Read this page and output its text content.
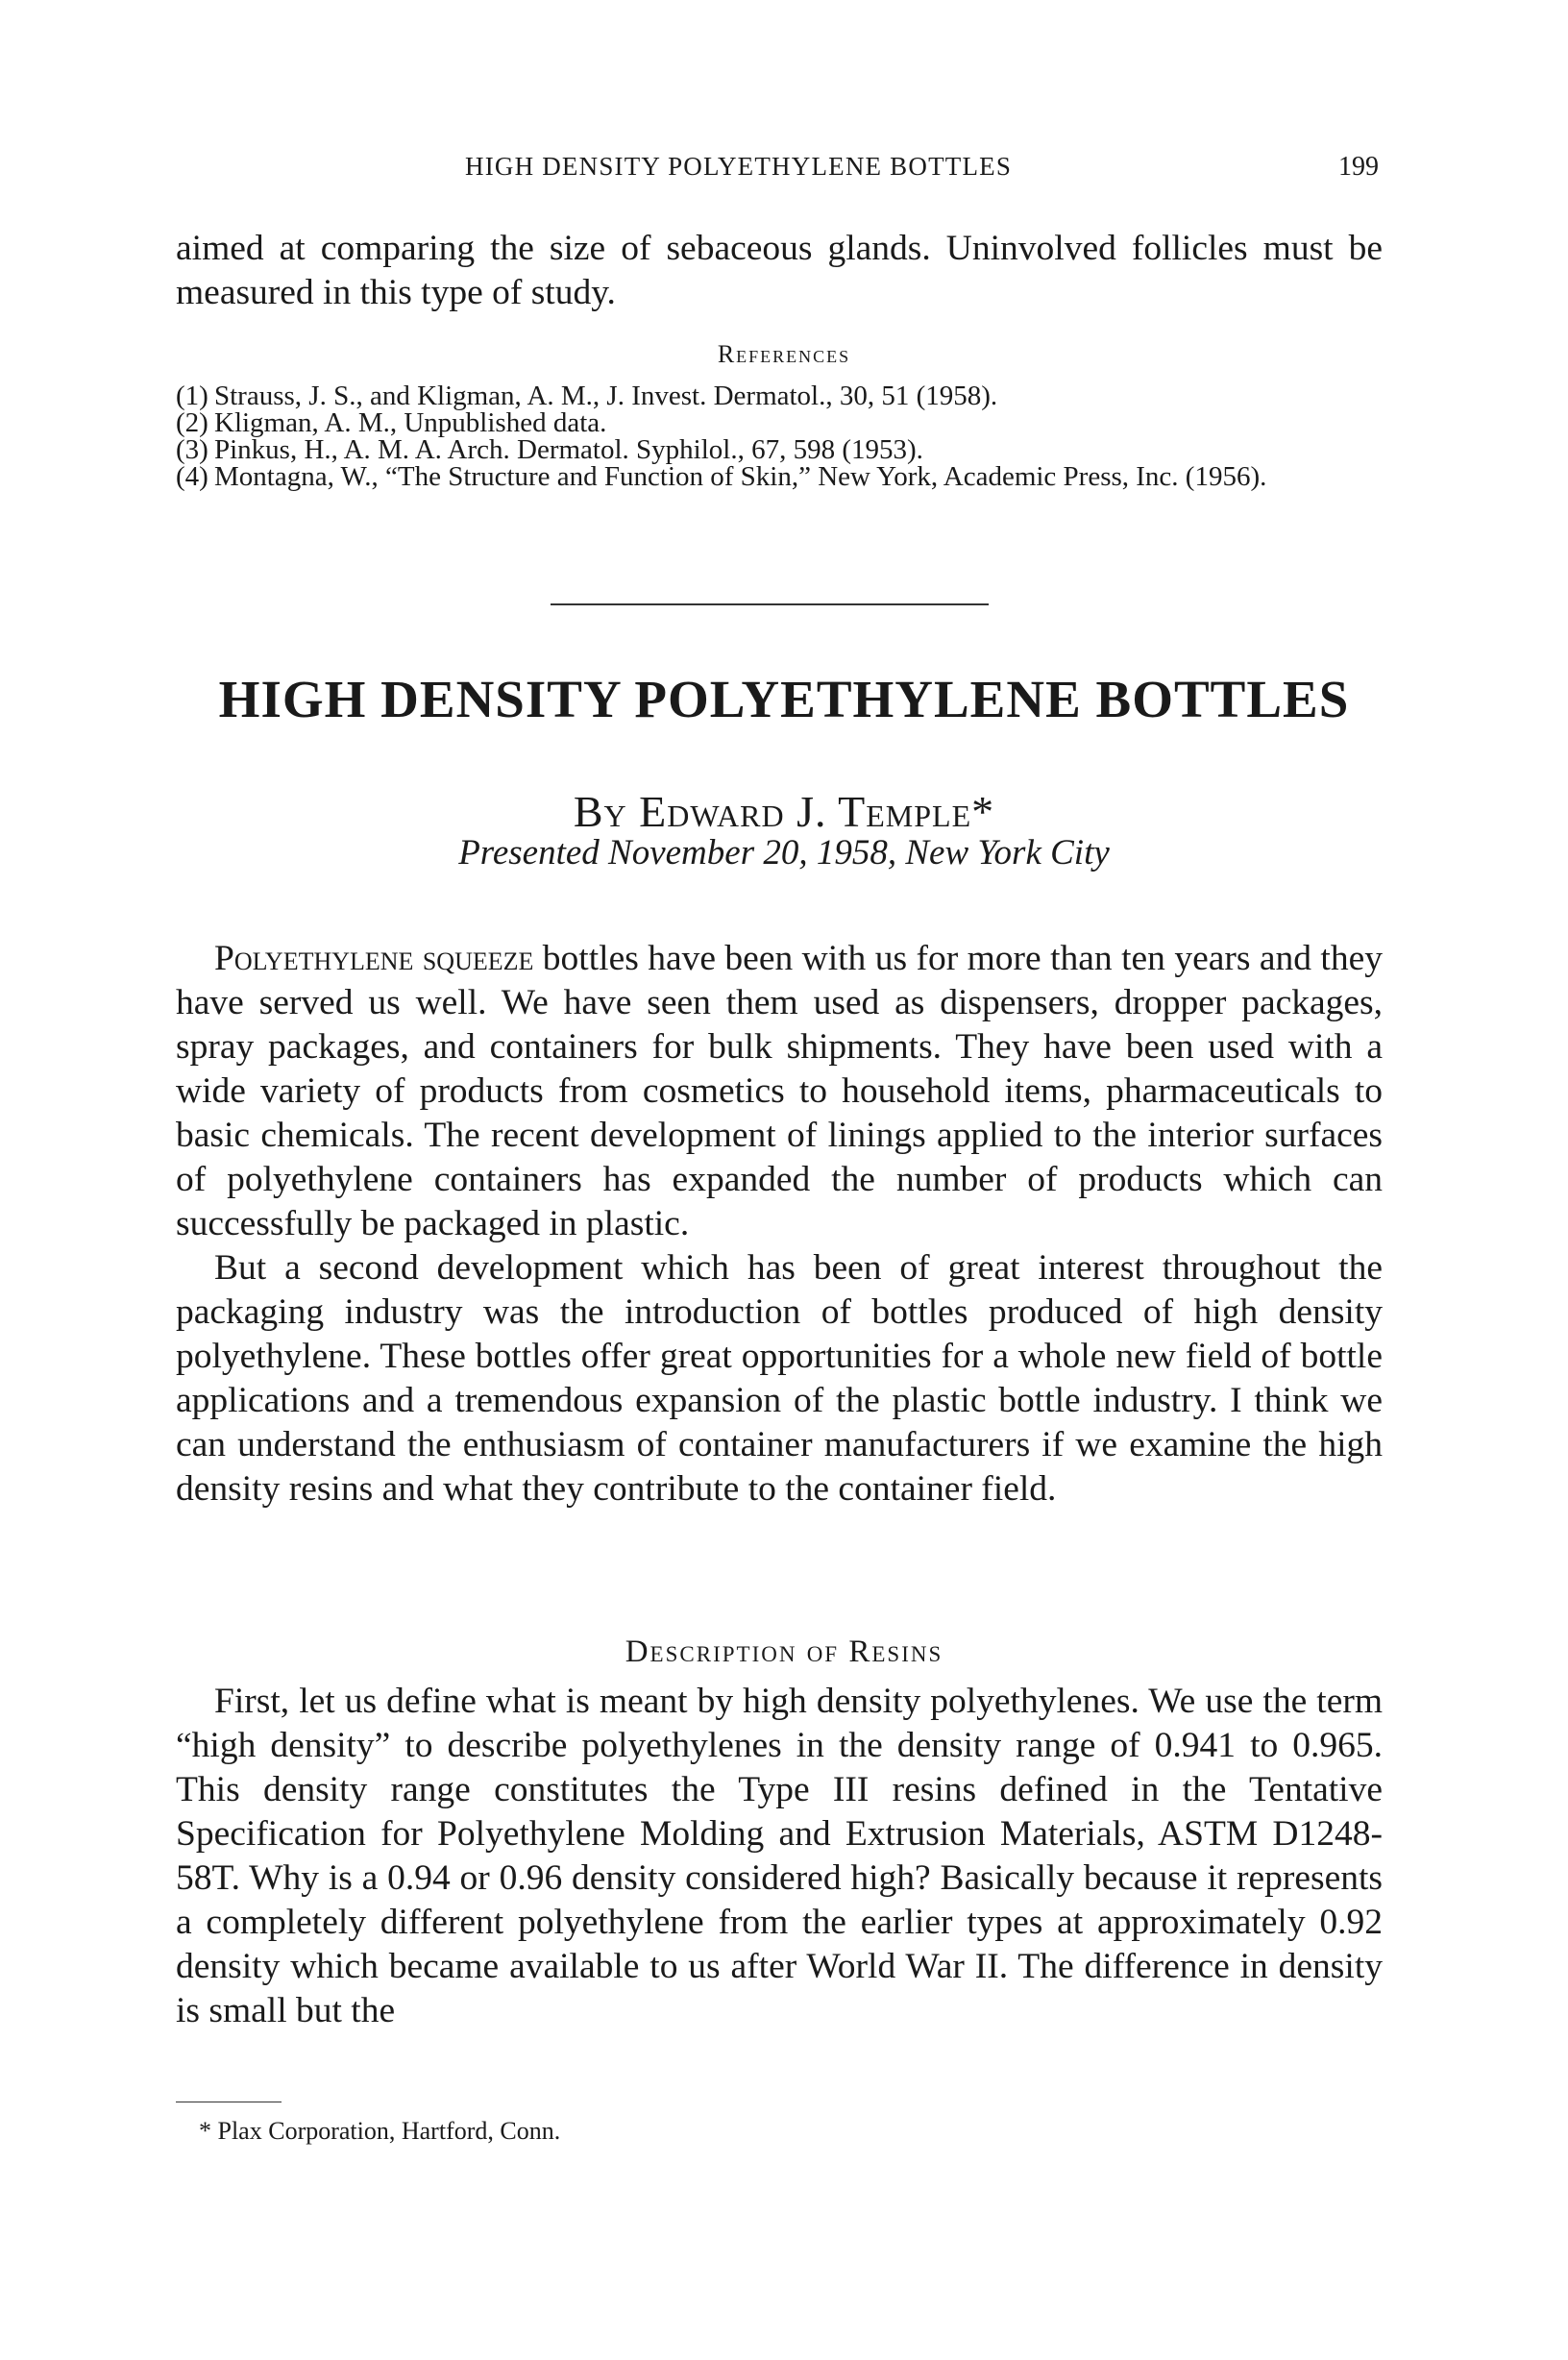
HIGH DENSITY POLYETHYLENE BOTTLES	199

aimed at comparing the size of sebaceous glands. Uninvolved follicles must be measured in this type of study.

References
(1) Strauss, J. S., and Kligman, A. M., J. Invest. Dermatol., 30, 51 (1958).
(2) Kligman, A. M., Unpublished data.
(3) Pinkus, H., A. M. A. Arch. Dermatol. Syphilol., 67, 598 (1953).
(4) Montagna, W., “The Structure and Function of Skin,” New York, Academic Press, Inc. (1956).
HIGH DENSITY POLYETHYLENE BOTTLES
By Edward J. Temple*
Presented November 20, 1958, New York City

Polyethylene squeeze bottles have been with us for more than ten years and they have served us well. We have seen them used as dispensers, dropper packages, spray packages, and containers for bulk shipments. They have been used with a wide variety of products from cosmetics to household items, pharmaceuticals to basic chemicals. The recent development of linings applied to the interior surfaces of polyethylene containers has expanded the number of products which can successfully be packaged in plastic.

But a second development which has been of great interest throughout the packaging industry was the introduction of bottles produced of high density polyethylene. These bottles offer great opportunities for a whole new field of bottle applications and a tremendous expansion of the plastic bottle industry. I think we can understand the enthusiasm of container manufacturers if we examine the high density resins and what they contribute to the container field.

Description of Resins

First, let us define what is meant by high density polyethylenes. We use the term “high density” to describe polyethylenes in the density range of 0.941 to 0.965. This density range constitutes the Type III resins defined in the Tentative Specification for Polyethylene Molding and Extrusion Materials, ASTM D1248-58T. Why is a 0.94 or 0.96 density considered high? Basically because it represents a completely different polyethylene from the earlier types at approximately 0.92 density which became available to us after World War II. The difference in density is small but the

* Plax Corporation, Hartford, Conn.
